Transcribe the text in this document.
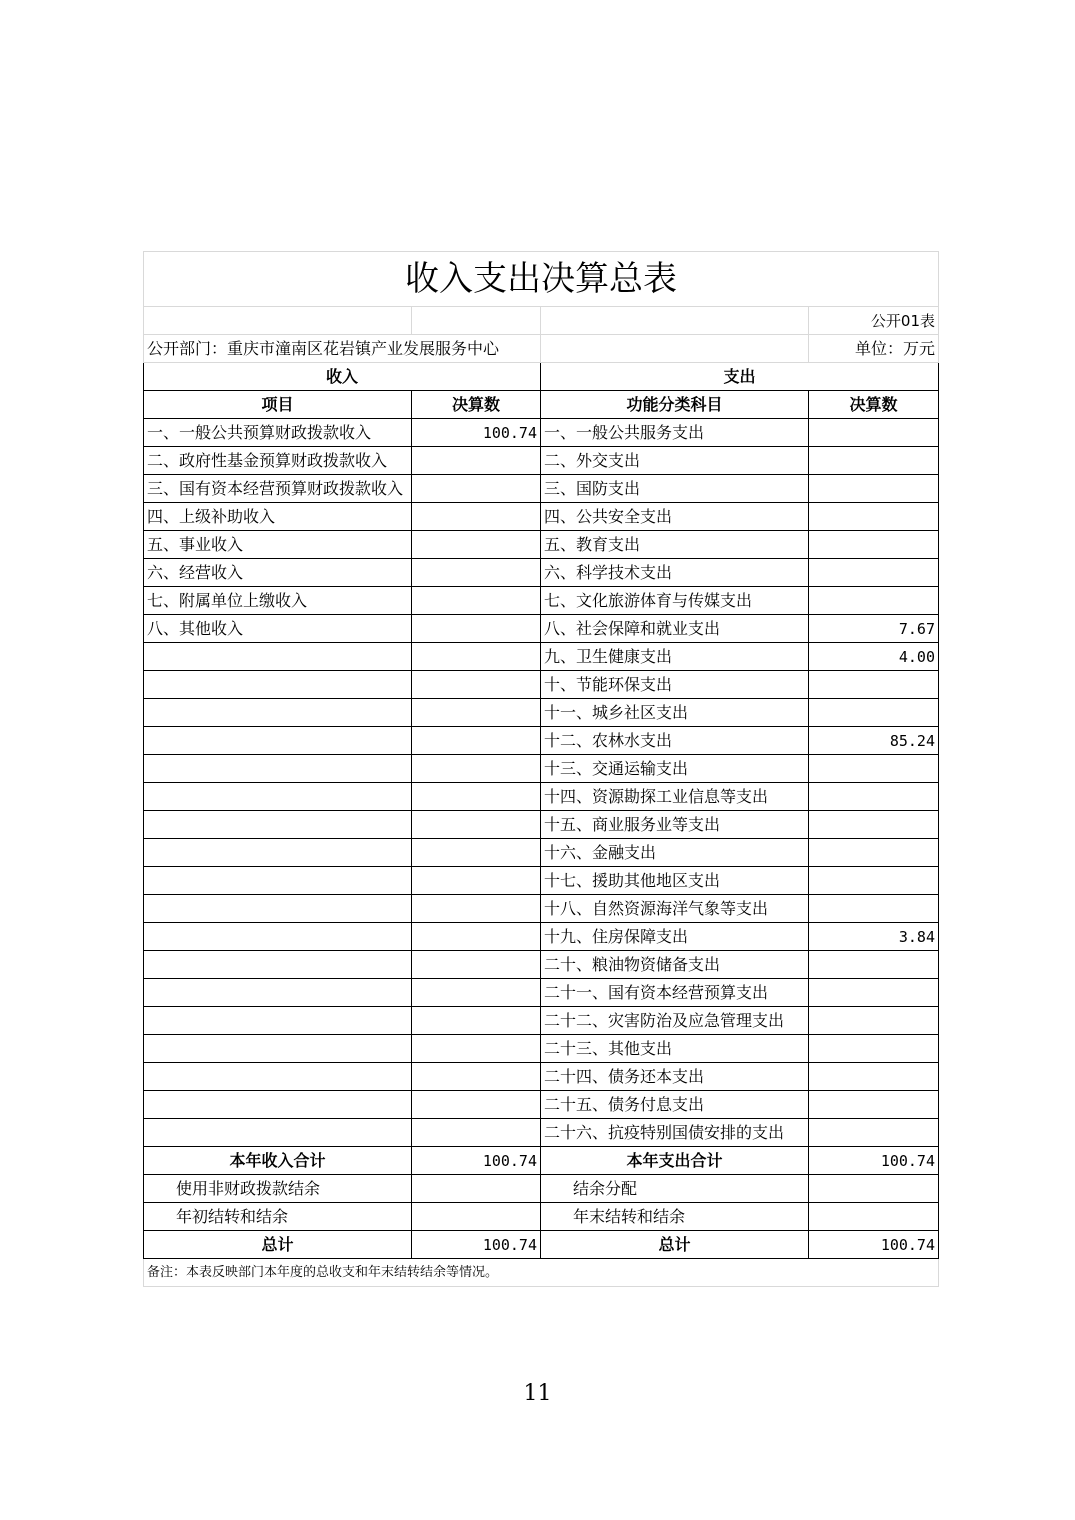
收入支出决算总表			
			公开01表
公开部门：重庆市潼南区花岩镇产业发展服务中心			单位：万元
收入		支出	
项目	决算数	功能分类科目	决算数
一、一般公共预算财政拨款收入	100.74	一、一般公共服务支出	
二、政府性基金预算财政拨款收入		二、外交支出	
三、国有资本经营预算财政拨款收入		三、国防支出	
四、上级补助收入		四、公共安全支出	
五、事业收入		五、教育支出	
六、经营收入		六、科学技术支出	
七、附属单位上缴收入		七、文化旅游体育与传媒支出	
八、其他收入		八、社会保障和就业支出	7.67
		九、卫生健康支出	4.00
		十、节能环保支出	
		十一、城乡社区支出	
		十二、农林水支出	85.24
		十三、交通运输支出	
		十四、资源勘探工业信息等支出	
		十五、商业服务业等支出	
		十六、金融支出	
		十七、援助其他地区支出	
		十八、自然资源海洋气象等支出	
		十九、住房保障支出	3.84
		二十、粮油物资储备支出	
		二十一、国有资本经营预算支出	
		二十二、灾害防治及应急管理支出	
		二十三、其他支出	
		二十四、债务还本支出	
		二十五、债务付息支出	
		二十六、抗疫特别国债安排的支出	
本年收入合计	100.74	本年支出合计	100.74
使用非财政拨款结余		结余分配	
年初结转和结余		年末结转和结余	
总计	100.74	总计	100.74
备注：本表反映部门本年度的总收支和年末结转结余等情况。			
11
